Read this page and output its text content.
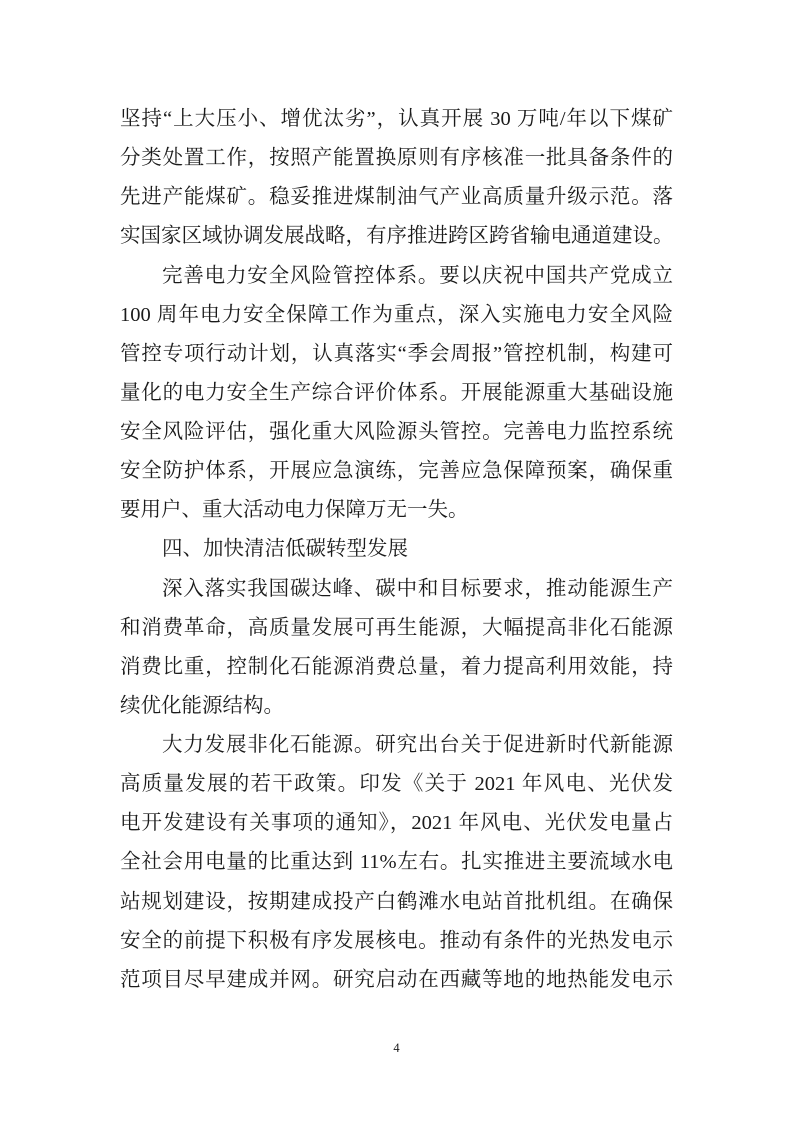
坚持“上大压小、增优汰劣”，认真开展 30 万吨/年以下煤矿
分类处置工作，按照产能置换原则有序核准一批具备条件的
先进产能煤矿。稳妥推进煤制油气产业高质量升级示范。落
实国家区域协调发展战略，有序推进跨区跨省输电通道建设。
完善电力安全风险管控体系。要以庆祝中国共产党成立
100 周年电力安全保障工作为重点，深入实施电力安全风险
管控专项行动计划，认真落实“季会周报”管控机制，构建可
量化的电力安全生产综合评价体系。开展能源重大基础设施
安全风险评估，强化重大风险源头管控。完善电力监控系统
安全防护体系，开展应急演练，完善应急保障预案，确保重
要用户、重大活动电力保障万无一失。
四、加快清洁低碳转型发展
深入落实我国碳达峰、碳中和目标要求，推动能源生产
和消费革命，高质量发展可再生能源，大幅提高非化石能源
消费比重，控制化石能源消费总量，着力提高利用效能，持
续优化能源结构。
大力发展非化石能源。研究出台关于促进新时代新能源
高质量发展的若干政策。印发《关于 2021 年风电、光伏发
电开发建设有关事项的通知》，2021 年风电、光伏发电量占
全社会用电量的比重达到 11%左右。扎实推进主要流域水电
站规划建设，按期建成投产白鹤滩水电站首批机组。在确保
安全的前提下积极有序发展核电。推动有条件的光热发电示
范项目尽早建成并网。研究启动在西藏等地的地热能发电示
4
